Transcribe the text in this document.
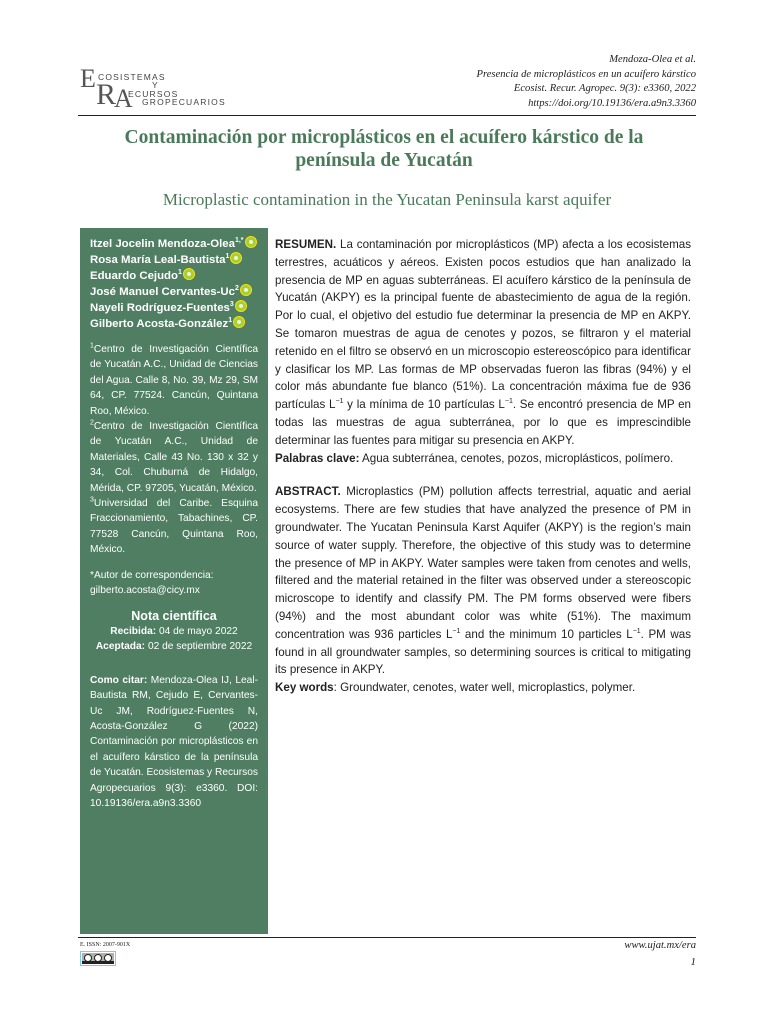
E R
A
COSISTEMAS
Y
ECURSOS
GROPECUARIOS
Mendoza-Olea et al.
Presencia de microplásticos en un acuífero kárstico
Ecosist. Recur. Agropec. 9(3): e3360, 2022
https://doi.org/10.19136/era.a9n3.3360
Contaminación por microplásticos en el acuífero kárstico de la península de Yucatán
Microplastic contamination in the Yucatan Peninsula karst aquifer
Itzel Jocelin Mendoza-Olea$^{1,*}$
Rosa María Leal-Bautista$^1$
Eduardo Cejudo$^1$
José Manuel Cervantes-Uc$^2$
Nayeli Rodríguez-Fuentes$^3$
Gilberto Acosta-González$^1$

$^1$Centro de Investigación Científica de Yucatán A.C., Unidad de Ciencias del Agua. Calle 8, No. 39, Mz 29, SM 64, CP. 77524. Cancún, Quintana Roo, México.

$^2$Centro de Investigación Científica de Yucatán A.C., Unidad de Materiales, Calle 43 No. 130 x 32 y 34, Col. Chuburná de Hidalgo, Mérida, CP. 97205, Yucatán, México.

$^3$Universidad del Caribe. Esquina Fraccionamiento, Tabachines, CP. 77528 Cancún, Quintana Roo, México.

*Autor de correspondencia: gilberto.acosta@cicy.mx
Nota científica
Recibida: 04 de mayo 2022
Aceptada: 02 de septiembre 2022
Como citar: Mendoza-Olea IJ, Leal-Bautista RM, Cejudo E, Cervantes-Uc JM, Rodríguez-Fuentes N, Acosta-González G (2022) Contaminación por microplásticos en el acuífero kárstico de la península de Yucatán. Ecosistemas y Recursos Agropecuarios 9(3): e3360. DOI: 10.19136/era.a9n3.3360

RESUMEN. La contaminación por microplásticos (MP) afecta a los ecosistemas terrestres, acuáticos y aéreos. Existen pocos estudios que han analizado la presencia de MP en aguas subterráneas. El acuífero kárstico de la península de Yucatán (AKPY) es la principal fuente de abastecimiento de agua de la región. Por lo cual, el objetivo del estudio fue determinar la presencia de MP en AKPY. Se tomaron muestras de agua de cenotes y pozos, se filtraron y el material retenido en el filtro se observó en un microscopio estereoscópico para identificar y clasificar los MP. Las formas de MP observadas fueron las fibras (94%) y el color más abundante fue blanco (51%). La concentración máxima fue de 936 partículas $L^{-1}$ y la mínima de 10 partículas $L^{-1}$. Se encontró presencia de MP en todas las muestras de agua subterránea, por lo que es imprescindible determinar las fuentes para mitigar su presencia en AKPY.

Palabras clave: Agua subterránea, cenotes, pozos, microplásticos, polímero.

ABSTRACT. Microplastics (PM) pollution affects terrestrial, aquatic and aerial ecosystems. There are few studies that have analyzed the presence of PM in groundwater. The Yucatan Peninsula Karst Aquifer (AKPY) is the region’s main source of water supply. Therefore, the objective of this study was to determine the presence of MP in AKPY. Water samples were taken from cenotes and wells, filtered and the material retained in the filter was observed under a stereoscopic microscope to identify and classify PM. The PM forms observed were fibers (94%) and the most abundant color was white (51%). The maximum concentration was 936 particles $L^{-1}$ and the minimum 10 particles $L^{-1}$. PM was found in all groundwater samples, so determining sources is critical to mitigating its presence in AKPY.

Key words: Groundwater, cenotes, water well, microplastics, polymer.

E. ISSN: 2007-901X	www.ujat.mx/era
1
